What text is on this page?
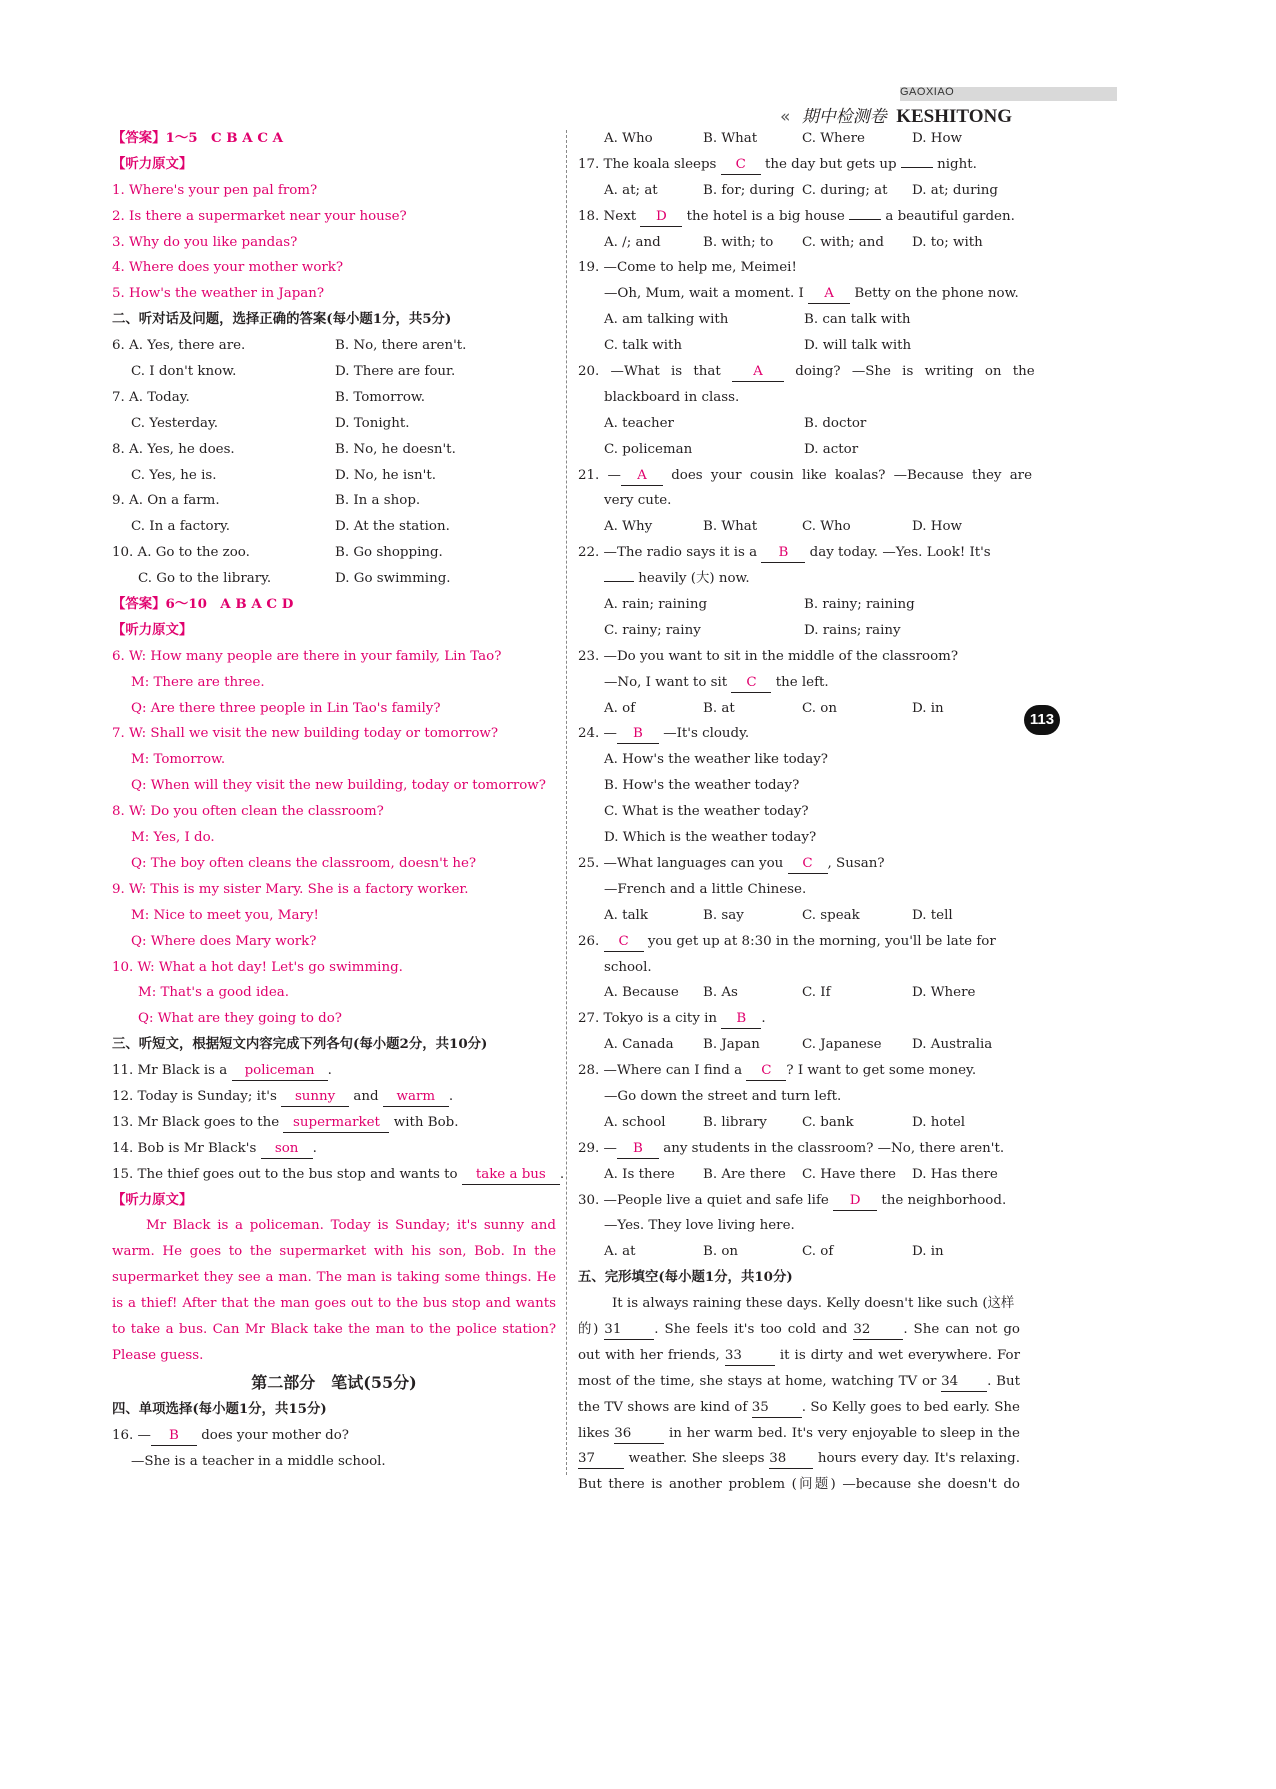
GAOXIAO
« 期中检测卷 KESHITONG
113
【答案】1～5　C B A C A
【听力原文】
1. Where's your pen pal from?
2. Is there a supermarket near your house?
3. Why do you like pandas?
4. Where does your mother work?
5. How's the weather in Japan?
二、听对话及问题，选择正确的答案(每小题1分，共5分)
6. A. Yes, there are.	B. No, there aren't.
C. I don't know.	D. There are four.
7. A. Today.	B. Tomorrow.
C. Yesterday.	D. Tonight.
8. A. Yes, he does.	B. No, he doesn't.
C. Yes, he is.	D. No, he isn't.
9. A. On a farm.	B. In a shop.
C. In a factory.	D. At the station.
10. A. Go to the zoo.	B. Go shopping.
C. Go to the library.	D. Go swimming.
【答案】6～10　A B A C D
【听力原文】
6. W: How many people are there in your family, Lin Tao?
M: There are three.
Q: Are there three people in Lin Tao's family?
7. W: Shall we visit the new building today or tomorrow?
M: Tomorrow.
Q: When will they visit the new building, today or tomorrow?
8. W: Do you often clean the classroom?
M: Yes, I do.
Q: The boy often cleans the classroom, doesn't he?
9. W: This is my sister Mary. She is a factory worker.
M: Nice to meet you, Mary!
Q: Where does Mary work?
10. W: What a hot day! Let's go swimming.
M: That's a good idea.
Q: What are they going to do?
三、听短文，根据短文内容完成下列各句(每小题2分，共10分)
11. Mr Black is a policeman .
12. Today is Sunday; it's sunny and warm .
13. Mr Black goes to the supermarket with Bob.
14. Bob is Mr Black's son .
15. The thief goes out to the bus stop and wants to take a bus .
【听力原文】

Mr Black is a policeman. Today is Sunday; it's sunny and warm. He goes to the supermarket with his son, Bob. In the supermarket they see a man. The man is taking some things. He is a thief! After that the man goes out to the bus stop and wants to take a bus. Can Mr Black take the man to the police station? Please guess.

第二部分　笔试(55分)
四、单项选择(每小题1分，共15分)
16. — B does your mother do?
—She is a teacher in a middle school.
A. Who	B. What	C. Where	D. How
17. The koala sleeps C the day but gets up	night.
A. at; at	B. for; during C. during; at D. at; during
18. Next D the hotel is a big house	a beautiful garden.
A. /; and	B. with; to C. with; and D. to; with
19. —Come to help me, Meimei!
—Oh, Mum, wait a moment. I A Betty on the phone now.
A. am talking with	B. can talk with
C. talk with	D. will talk with
20. —What is that A doing? —She is writing on the
blackboard in class.
A. teacher	B. doctor
C. policeman	D. actor
21. — A does your cousin like koalas? —Because they are
very cute.
A. Why	B. What	C. Who	D. How
22. —The radio says it is a B day today. —Yes. Look! It's
heavily (大) now.
A. rain; raining	B. rainy; raining
C. rainy; rainy	D. rains; rainy
23. —Do you want to sit in the middle of the classroom?
—No, I want to sit C the left.
A. of	B. at	C. on	D. in
24. — B —It's cloudy.
A. How's the weather like today?
B. How's the weather today?
C. What is the weather today?
D. Which is the weather today?
25. —What languages can you C , Susan?
—French and a little Chinese.
A. talk	B. say	C. speak	D. tell
26. C you get up at 8:30 in the morning, you'll be late for
school.
A. Because B. As	C. If	D. Where
27. Tokyo is a city in B .
A. Canada B. Japan	C. Japanese D. Australia
28. —Where can I find a C ? I want to get some money.
—Go down the street and turn left.
A. school	B. library	C. bank	D. hotel
29. — B any students in the classroom? —No, there aren't.
A. Is there B. Are there C. Have there D. Has there
30. —People live a quiet and safe life D the neighborhood.
—Yes. They love living here.
A. at	B. on	C. of	D. in
五、完形填空(每小题1分，共10分)
It is always raining these days. Kelly doesn't like such (这样
的) 31 . She feels it's too cold and 32 . She can not go
out with her friends, 33	it is dirty and wet everywhere. For
most of the time, she stays at home, watching TV or 34 . But
the TV shows are kind of 35 . So Kelly goes to bed early. She
likes 36	in her warm bed. It's very enjoyable to sleep in the
37	weather. She sleeps 38 hours every day. It's relaxing.
But there is another problem (问题) —because she doesn't do
